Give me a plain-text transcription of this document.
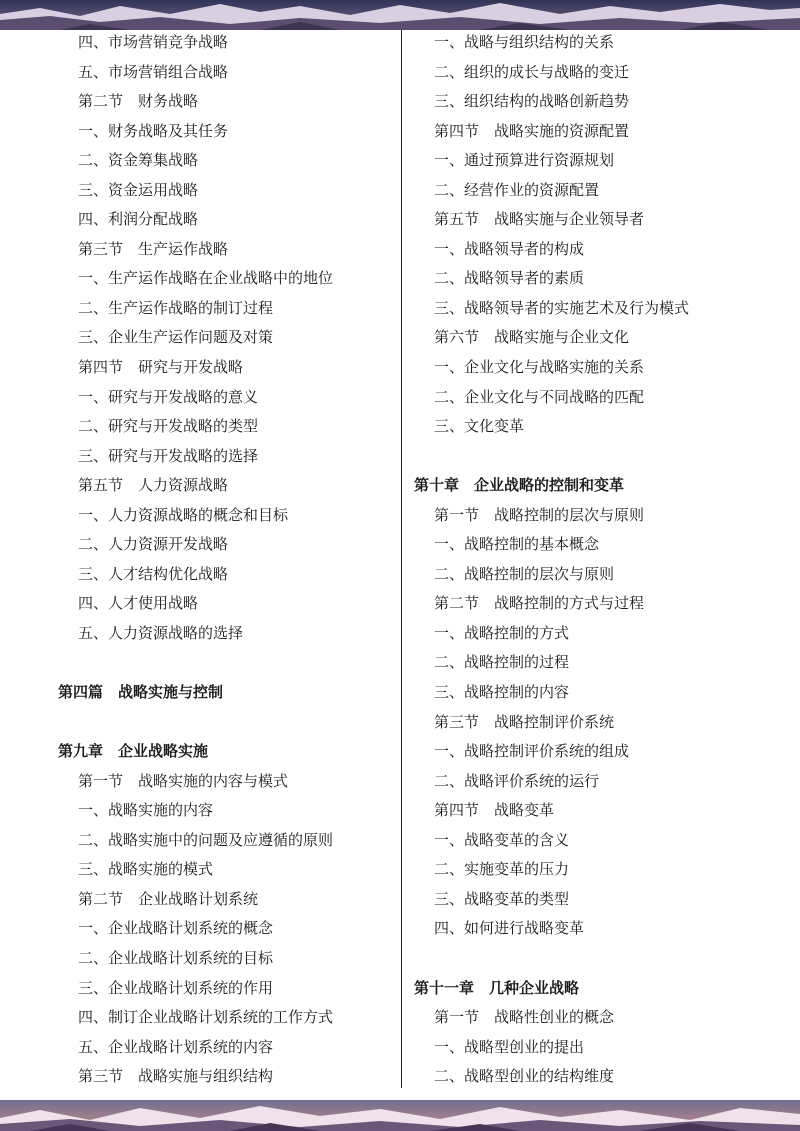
四、市场营销竞争战略
五、市场营销组合战略
第二节　财务战略
一、财务战略及其任务
二、资金筹集战略
三、资金运用战略
四、利润分配战略
第三节　生产运作战略
一、生产运作战略在企业战略中的地位
二、生产运作战略的制订过程
三、企业生产运作问题及对策
第四节　研究与开发战略
一、研究与开发战略的意义
二、研究与开发战略的类型
三、研究与开发战略的选择
第五节　人力资源战略
一、人力资源战略的概念和目标
二、人力资源开发战略
三、人才结构优化战略
四、人才使用战略
五、人力资源战略的选择
第四篇　战略实施与控制
第九章　企业战略实施
第一节　战略实施的内容与模式
一、战略实施的内容
二、战略实施中的问题及应遵循的原则
三、战略实施的模式
第二节　企业战略计划系统
一、企业战略计划系统的概念
二、企业战略计划系统的目标
三、企业战略计划系统的作用
四、制订企业战略计划系统的工作方式
五、企业战略计划系统的内容
第三节　战略实施与组织结构
一、战略与组织结构的关系
二、组织的成长与战略的变迁
三、组织结构的战略创新趋势
第四节　战略实施的资源配置
一、通过预算进行资源规划
二、经营作业的资源配置
第五节　战略实施与企业领导者
一、战略领导者的构成
二、战略领导者的素质
三、战略领导者的实施艺术及行为模式
第六节　战略实施与企业文化
一、企业文化与战略实施的关系
二、企业文化与不同战略的匹配
三、文化变革
第十章　企业战略的控制和变革
第一节　战略控制的层次与原则
一、战略控制的基本概念
二、战略控制的层次与原则
第二节　战略控制的方式与过程
一、战略控制的方式
二、战略控制的过程
三、战略控制的内容
第三节　战略控制评价系统
一、战略控制评价系统的组成
二、战略评价系统的运行
第四节　战略变革
一、战略变革的含义
二、实施变革的压力
三、战略变革的类型
四、如何进行战略变革
第十一章　几种企业战略
第一节　战略性创业的概念
一、战略型创业的提出
二、战略型创业的结构维度
